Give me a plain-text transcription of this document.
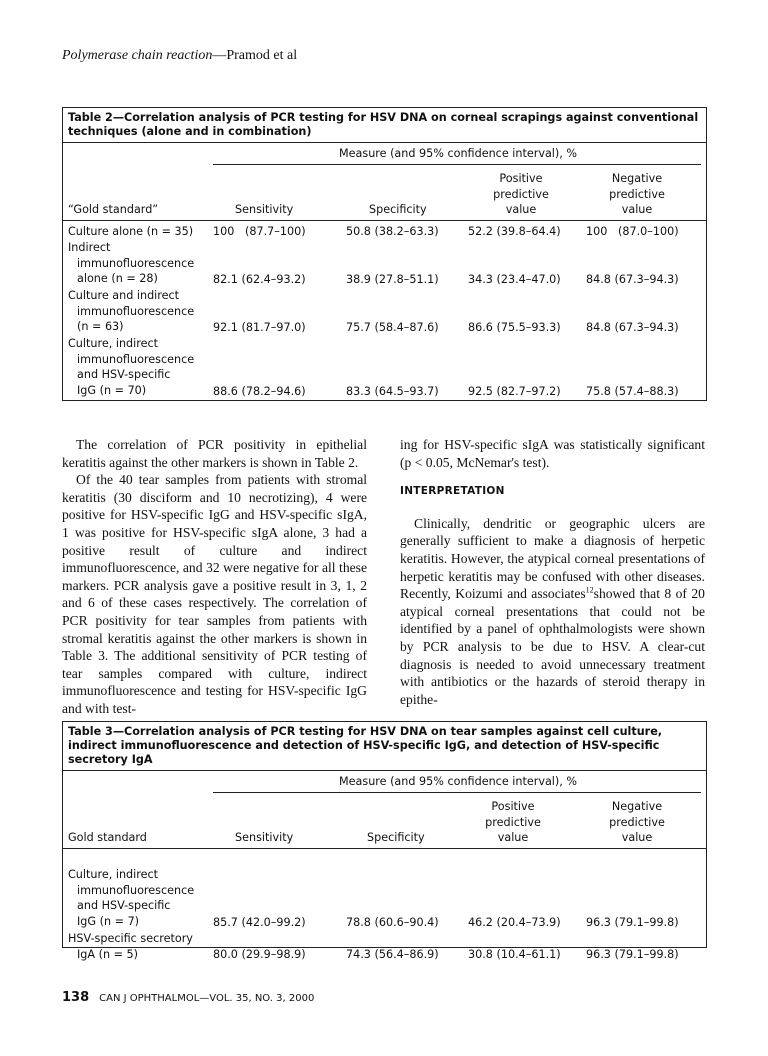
Polymerase chain reaction—Pramod et al
Table 2—Correlation analysis of PCR testing for HSV DNA on corneal scrapings against conventional techniques (alone and in combination)
Measure (and 95% confidence interval), %
“Gold standard”	Sensitivity	Specificity
Positive
predictive
value
Negative
predictive
value
Culture alone (n = 35) 100   (87.7–100)	50.8 (38.2–63.3)	52.2 (39.8–64.4) 100   (87.0–100)
Indirect
immunofluorescence
alone (n = 28)	82.1 (62.4–93.2)	38.9 (27.8–51.1)	34.3 (23.4–47.0) 84.8 (67.3–94.3)
Culture and indirect
immunofluorescence
(n = 63)	92.1 (81.7–97.0)	75.7 (58.4–87.6)	86.6 (75.5–93.3) 84.8 (67.3–94.3)
Culture, indirect
immunofluorescence
and HSV-specific
IgG (n = 70)	88.6 (78.2–94.6)	83.3 (64.5–93.7)	92.5 (82.7–97.2) 75.8 (57.4–88.3)

The correlation of PCR positivity in epithelial keratitis against the other markers is shown in Table 2.

Of the 40 tear samples from patients with stromal keratitis (30 disciform and 10 necrotizing), 4 were positive for HSV-specific IgG and HSV-specific sIgA, 1 was positive for HSV-specific sIgA alone, 3 had a positive result of culture and indirect immunofluorescence, and 32 were negative for all these markers. PCR analysis gave a positive result in 3, 1, 2 and 6 of these cases respectively. The correlation of PCR positivity for tear samples from patients with stromal keratitis against the other markers is shown in Table 3. The additional sensitivity of PCR testing of tear samples compared with culture, indirect immunofluorescence and testing for HSV-specific IgG and with test-

ing for HSV-specific sIgA was statistically significant (p < 0.05, McNemar's test).

INTERPRETATION

Clinically, dendritic or geographic ulcers are generally sufficient to make a diagnosis of herpetic keratitis. However, the atypical corneal presentations of herpetic keratitis may be confused with other diseases. Recently, Koizumi and associates$^{12}$showed that 8 of 20 atypical corneal presentations that could not be identified by a panel of ophthalmologists were shown by PCR analysis to be due to HSV. A clear-cut diagnosis is needed to avoid unnecessary treatment with antibiotics or the hazards of steroid therapy in epithe-

Table 3—Correlation analysis of PCR testing for HSV DNA on tear samples against cell culture, indirect immunofluorescence and detection of HSV-specific IgG, and detection of HSV-specific secretory IgA
Measure (and 95% confidence interval), %
Gold standard	Sensitivity	Specificity
Positive
predictive
value
Negative
predictive
value
Culture, indirect
immunofluorescence
and HSV-specific
IgG (n = 7)	85.7 (42.0–99.2)	78.8 (60.6–90.4)	46.2 (20.4–73.9) 96.3 (79.1–99.8)
HSV-specific secretory
IgA (n = 5)	80.0 (29.9–98.9)	74.3 (56.4–86.9)	30.8 (10.4–61.1) 96.3 (79.1–99.8)
138 CAN J OPHTHALMOL—VOL. 35, NO. 3, 2000
